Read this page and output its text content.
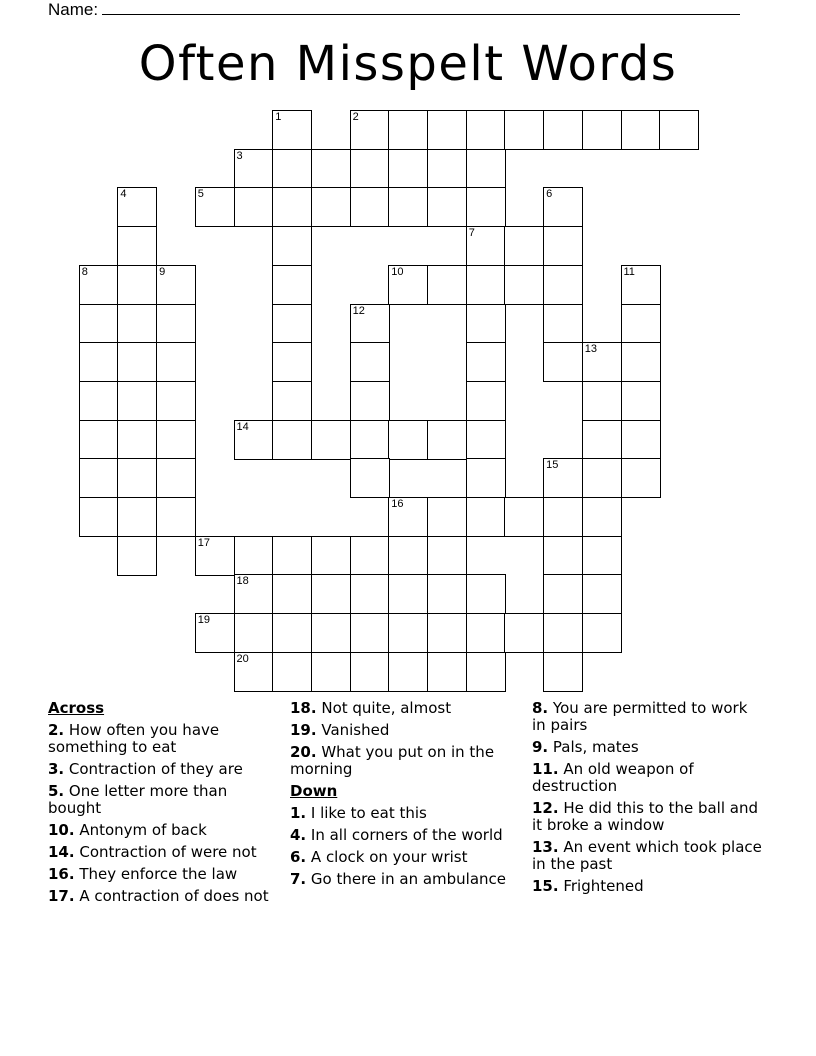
Name:
Often Misspelt Words
1	2
3
4	5	6
7
8	9	10	11
12
13
14
15
16
17
18
19
20
Across
2. How often you have something to eat
3. Contraction of they are
5. One letter more than bought
10. Antonym of back
14. Contraction of were not
16. They enforce the law
17. A contraction of does not
18. Not quite, almost
19. Vanished
20. What you put on in the morning
Down
1. I like to eat this
4. In all corners of the world
6. A clock on your wrist
7. Go there in an ambulance
8. You are permitted to work in pairs
9. Pals, mates
11. An old weapon of destruction
12. He did this to the ball and it broke a window
13. An event which took place in the past
15. Frightened
